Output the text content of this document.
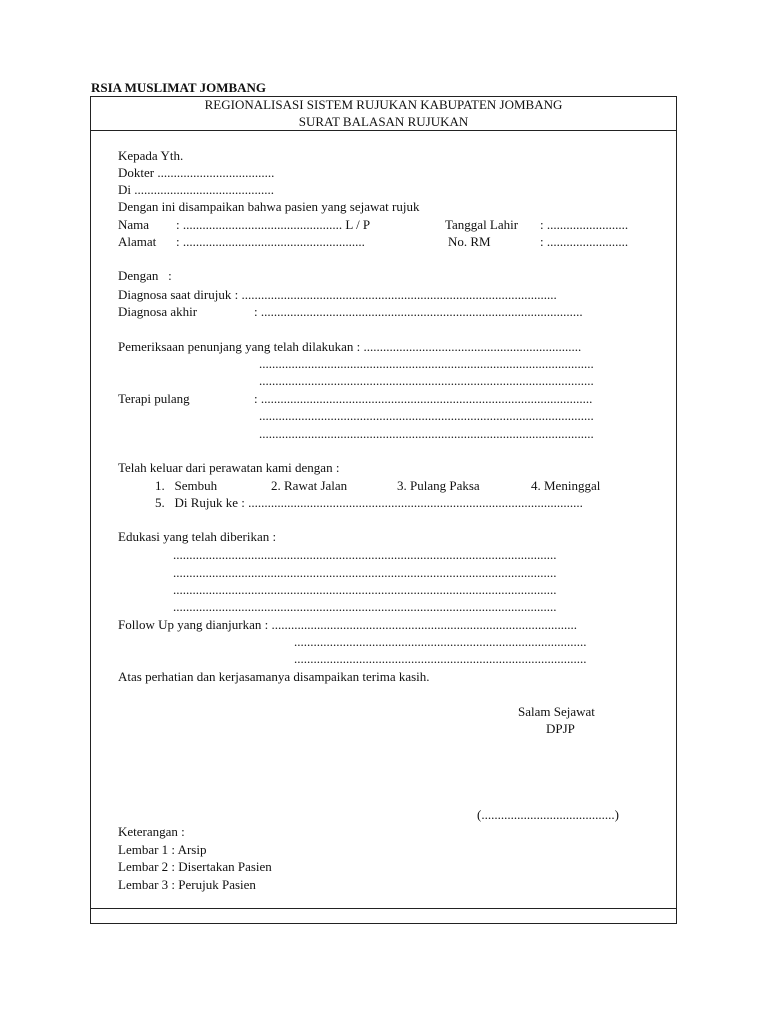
RSIA MUSLIMAT JOMBANG
REGIONALISASI SISTEM RUJUKAN KABUPATEN JOMBANG
SURAT BALASAN RUJUKAN
Kepada Yth.
Dokter ....................................
Di ...........................................
Dengan ini disampaikan bahwa pasien yang sejawat rujuk
Nama : ................................................. L / P	Tanggal Lahir : .........................
Alamat : ........................................................	No. RM	: .........................
Dengan   :
Diagnosa saat dirujuk : .................................................................................................
Diagnosa akhir	: ...................................................................................................
Pemeriksaan penunjang yang telah dilakukan : ...................................................................
.......................................................................................................
.......................................................................................................
Terapi pulang	: ......................................................................................................
.......................................................................................................
.......................................................................................................
Telah keluar dari perawatan kami dengan :
1.   Sembuh	2. Rawat Jalan	3. Pulang Paksa	4. Meninggal
5.   Di Rujuk ke : .......................................................................................................
Edukasi yang telah diberikan :
......................................................................................................................
......................................................................................................................
......................................................................................................................
......................................................................................................................
Follow Up yang dianjurkan : ..............................................................................................
..........................................................................................
..........................................................................................
Atas perhatian dan kerjasamanya disampaikan terima kasih.
Salam Sejawat
DPJP
(.........................................)
Keterangan :
Lembar 1 : Arsip
Lembar 2 : Disertakan Pasien
Lembar 3 : Perujuk Pasien
